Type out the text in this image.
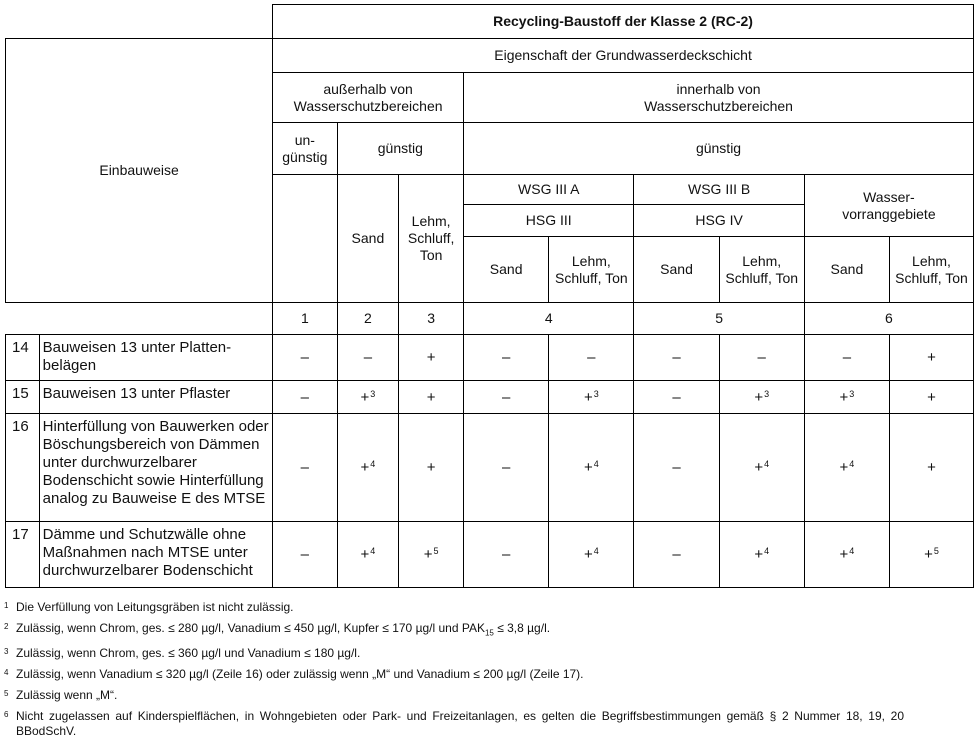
		Recycling-Baustoff der Klasse 2 (RC-2)								
Einbauweise		Eigenschaft der Grundwasserdeckschicht								
		außerhalb von Wasserschutzbereichen			innerhalb von Wasserschutzbereichen					
		un-günstig	günstig		günstig					
			Sand	Lehm, Schluff, Ton	WSG III A		WSG III B		Wasser-vorranggebiete	
					HSG III		HSG IV			
					Sand	Lehm, Schluff, Ton	Sand	Lehm, Schluff, Ton	Sand	Lehm, Schluff, Ton
		1	2	3	4		5		6	
14	Bauweisen 13 unter Platten-belägen	–	–	+	–	–	–	–	–	+
15	Bauweisen 13 unter Pflaster	–	+$^3$	+	–	+$^3$	–	+$^3$	+$^3$	+
16	Hinterfüllung von Bauwerken oder Böschungsbereich von Dämmen unter durchwurzelbarer Bodenschicht sowie Hinterfüllung analog zu Bauweise E des MTSE	–	+$^4$	+	–	+$^4$	–	+$^4$	+$^4$	+
17	Dämme und Schutzwälle ohne Maßnahmen nach MTSE unter durchwurzelbarer Bodenschicht	–	+$^4$	+$^5$	–	+$^4$	–	+$^4$	+$^4$	+$^5$
1 Die Verfüllung von Leitungsgräben ist nicht zulässig.
2 Zulässig, wenn Chrom, ges. ≤ 280 µg/l, Vanadium ≤ 450 µg/l, Kupfer ≤ 170 µg/l und $PAK_{15} \le 3,8$ µg/l.
3 Zulässig, wenn Chrom, ges. ≤ 360 µg/l und Vanadium ≤ 180 µg/l.
4 Zulässig, wenn Vanadium ≤ 320 µg/l (Zeile 16) oder zulässig wenn „M“ und Vanadium ≤ 200 µg/l (Zeile 17).
5 Zulässig wenn „M“.
6 Nicht zugelassen auf Kinderspielflächen, in Wohngebieten oder Park- und Freizeitanlagen, es gelten die Begriffsbestimmungen gemäß § 2 Nummer 18, 19, 20 BBodSchV.
